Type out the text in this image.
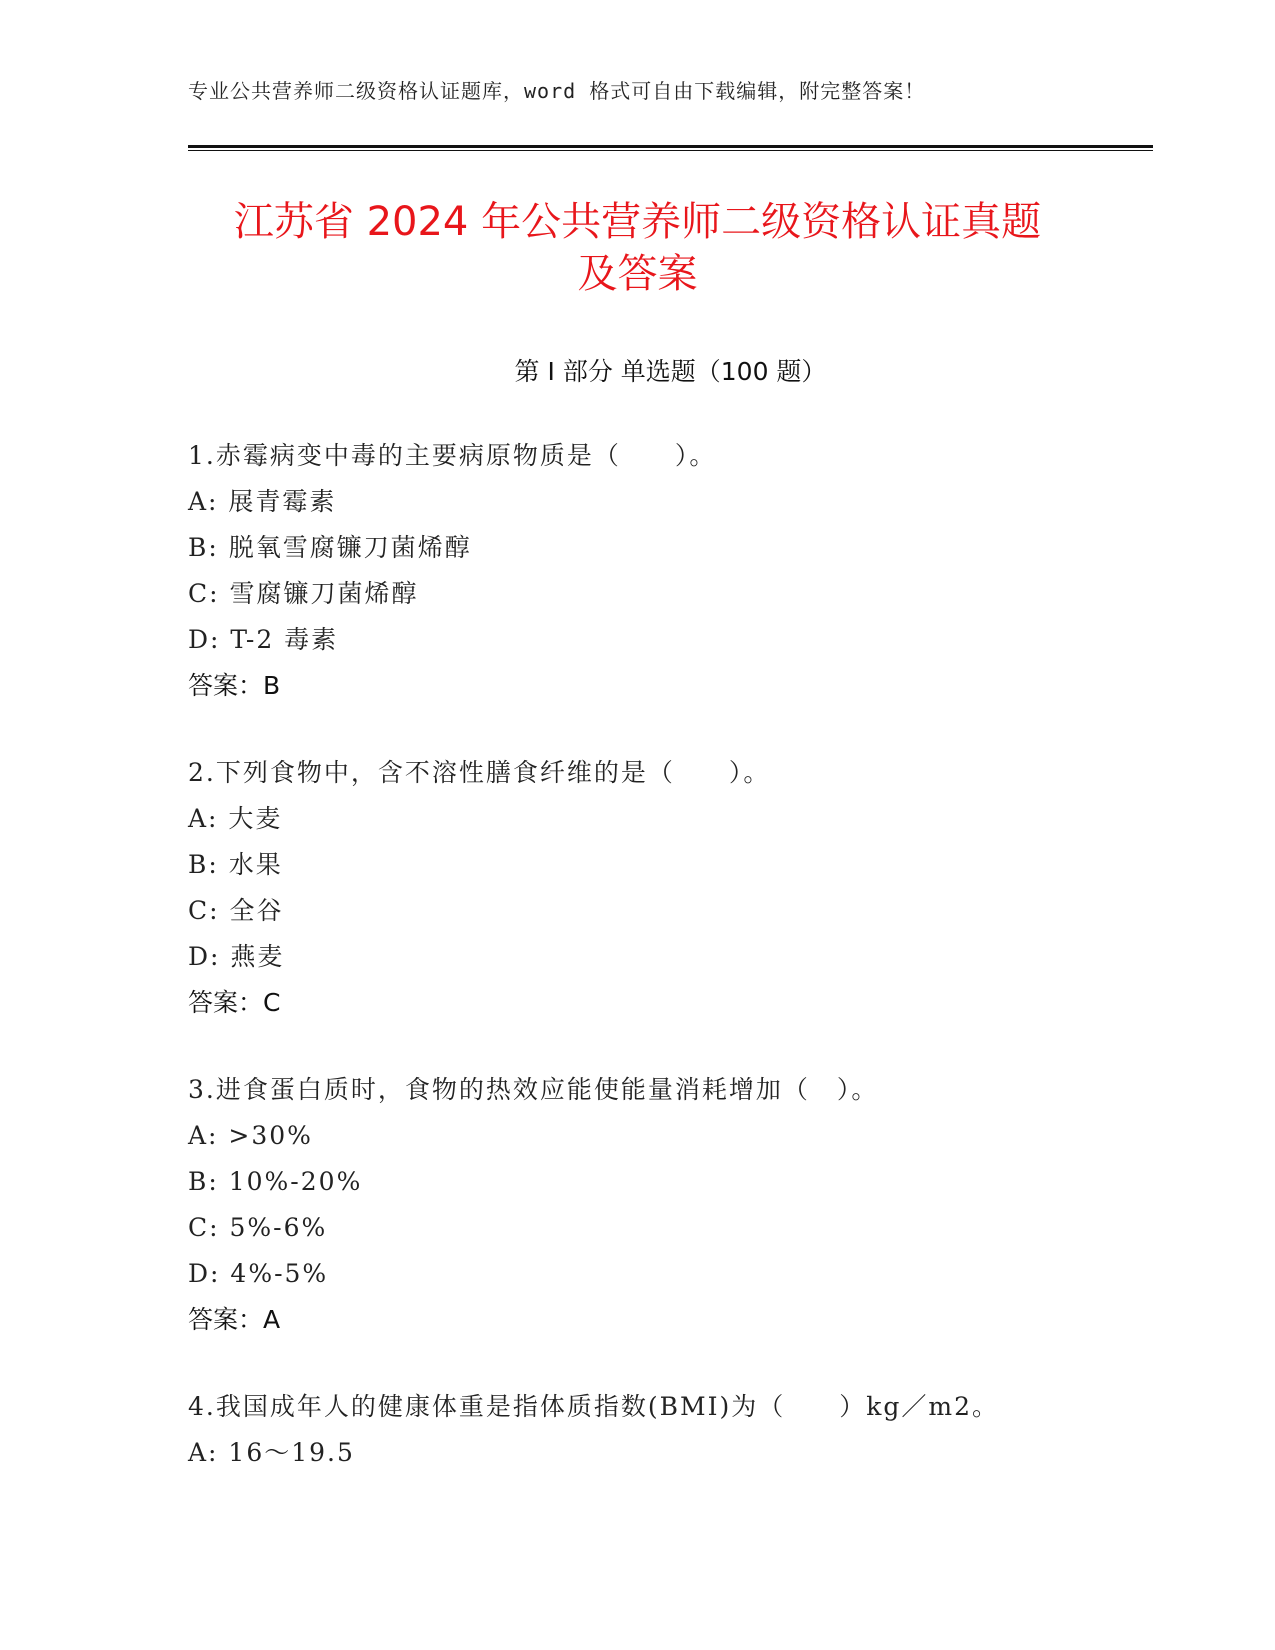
专业公共营养师二级资格认证题库，word 格式可自由下载编辑，附完整答案！
江苏省 2024 年公共营养师二级资格认证真题
及答案
第 I 部分 单选题（100 题）
1.赤霉病变中毒的主要病原物质是（　　）。
A: 展青霉素
B: 脱氧雪腐镰刀菌烯醇
C: 雪腐镰刀菌烯醇
D: T-2 毒素
答案：B
2.下列食物中，含不溶性膳食纤维的是（　　）。
A: 大麦
B: 水果
C: 全谷
D: 燕麦
答案：C
3.进食蛋白质时，食物的热效应能使能量消耗增加（　）。
A: >30%
B: 10%-20%
C: 5%-6%
D: 4%-5%
答案：A
4.我国成年人的健康体重是指体质指数(BMI)为（　　）kg／m2。
A: 16～19.5
